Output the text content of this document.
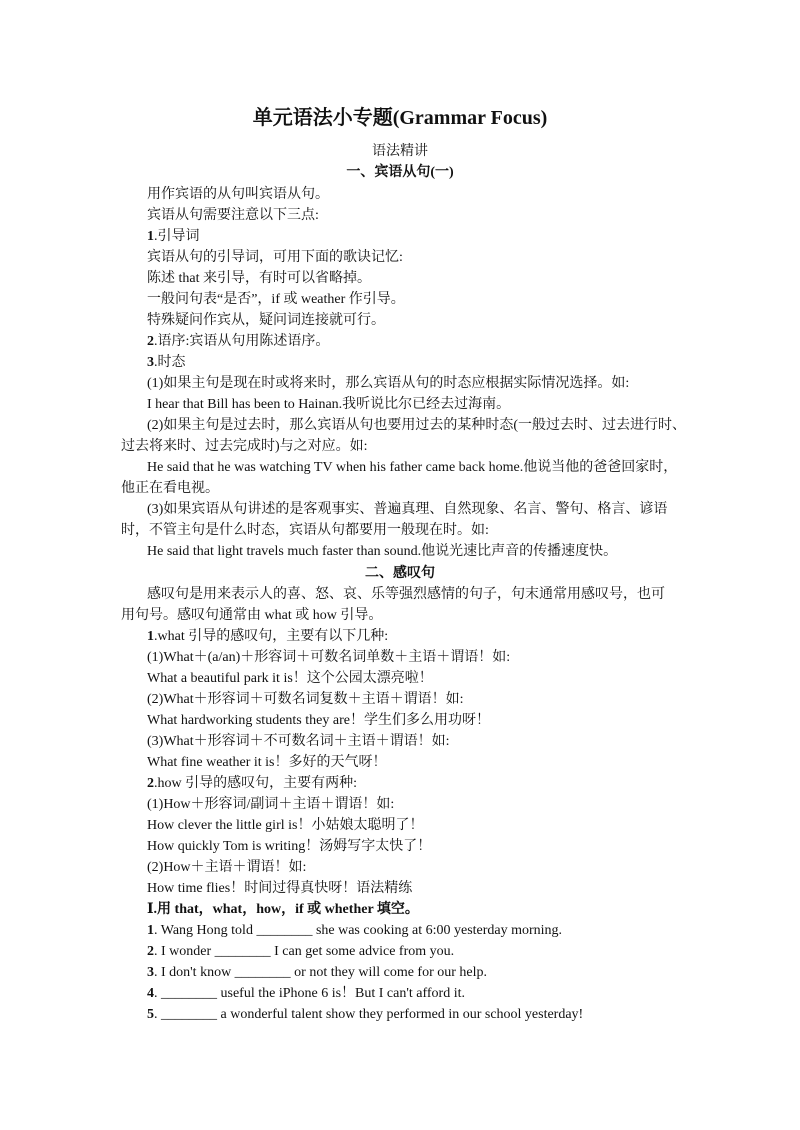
单元语法小专题(Grammar Focus)
语法精讲
一、宾语从句(一)
用作宾语的从句叫宾语从句。
宾语从句需要注意以下三点:
1.引导词
宾语从句的引导词，可用下面的歌诀记忆:
陈述 that 来引导，有时可以省略掉。
一般问句表“是否”，if 或 weather 作引导。
特殊疑问作宾从，疑问词连接就可行。
2.语序:宾语从句用陈述语序。
3.时态
(1)如果主句是现在时或将来时，那么宾语从句的时态应根据实际情况选择。如:
I hear that Bill has been to Hainan.我听说比尔已经去过海南。
(2)如果主句是过去时，那么宾语从句也要用过去的某种时态(一般过去时、过去进行时、
过去将来时、过去完成时)与之对应。如:
He said that he was watching TV when his father came back home.他说当他的爸爸回家时，
他正在看电视。
(3)如果宾语从句讲述的是客观事实、普遍真理、自然现象、名言、警句、格言、谚语
时，不管主句是什么时态，宾语从句都要用一般现在时。如:
He said that light travels much faster than sound.他说光速比声音的传播速度快。
二、感叹句
感叹句是用来表示人的喜、怒、哀、乐等强烈感情的句子，句末通常用感叹号，也可
用句号。感叹句通常由 what 或 how 引导。
1.what 引导的感叹句，主要有以下几种:
(1)What＋(a/an)＋形容词＋可数名词单数＋主语＋谓语！如:
What a beautiful park it is！这个公园太漂亮啦！
(2)What＋形容词＋可数名词复数＋主语＋谓语！如:
What hardworking students they are！学生们多么用功呀！
(3)What＋形容词＋不可数名词＋主语＋谓语！如:
What fine weather it is！多好的天气呀！
2.how 引导的感叹句，主要有两种:
(1)How＋形容词/副词＋主语＋谓语！如:
How clever the little girl is！小姑娘太聪明了！
How quickly Tom is writing！汤姆写字太快了！
(2)How＋主语＋谓语！如:
How time flies！时间过得真快呀！语法精练
Ⅰ.用 that，what，how，if 或 whether 填空。
1. Wang Hong told ________ she was cooking at 6:00 yesterday morning.
2. I wonder ________ I can get some advice from you.
3. I don't know ________ or not they will come for our help.
4. ________ useful the iPhone 6 is！But I can't afford it.
5. ________ a wonderful talent show they performed in our school yesterday!
